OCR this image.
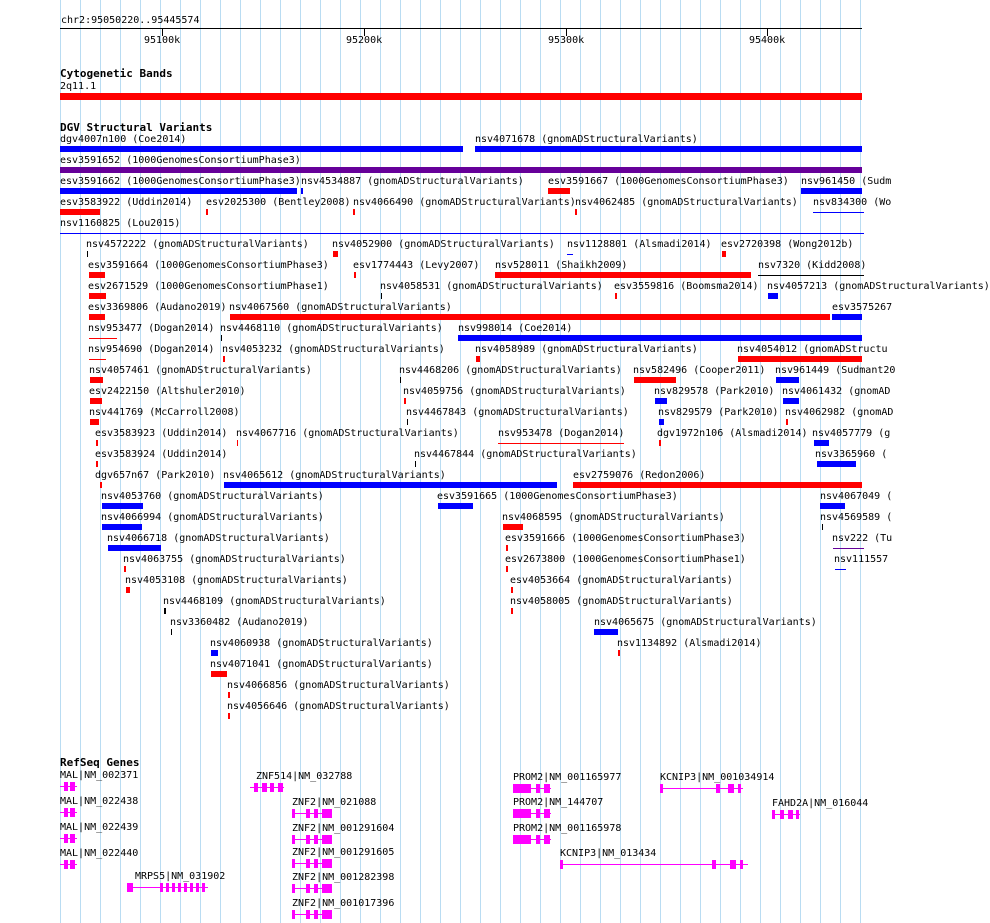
chr2:95050220..95445574
95100k	95200k	95300k	95400k
Cytogenetic Bands
2q11.1
DGV Structural Variants
dgv4007n100 (Coe2014)	nsv4071678 (gnomADStructuralVariants)
esv3591652 (1000GenomesConsortiumPhase3)
esv3591662 (1000GenomesConsortiumPhase3) nsv4534887 (gnomADStructuralVariants) esv3591667 (1000GenomesConsortiumPhase3) nsv961450 (Sudm
esv3583922 (Uddin2014) esv2025300 (Bentley2008) nsv4066490 (gnomADStructuralVariants) nsv4062485 (gnomADStructuralVariants) nsv834300 (Wo
nsv1160825 (Lou2015)
nsv4572222 (gnomADStructuralVariants) nsv4052900 (gnomADStructuralVariants) nsv1128801 (Alsmadi2014) esv2720398 (Wong2012b)
esv3591664 (1000GenomesConsortiumPhase3) esv1774443 (Levy2007) nsv528011 (Shaikh2009)	nsv7320 (Kidd2008)
esv2671529 (1000GenomesConsortiumPhase1)	nsv4058531 (gnomADStructuralVariants) esv3559816 (Boomsma2014) nsv4057213 (gnomADStructuralVariants)
esv3369806 (Audano2019) nsv4067560 (gnomADStructuralVariants)	esv3575267
nsv953477 (Dogan2014) nsv4468110 (gnomADStructuralVariants) nsv998014 (Coe2014)
nsv954690 (Dogan2014) nsv4053232 (gnomADStructuralVariants)	nsv4058989 (gnomADStructuralVariants)	nsv4054012 (gnomADStructu
nsv4057461 (gnomADStructuralVariants)	nsv4468206 (gnomADStructuralVariants) nsv582496 (Cooper2011) nsv961449 (Sudmant20
esv2422150 (Altshuler2010)	nsv4059756 (gnomADStructuralVariants)	nsv829578 (Park2010) nsv4061432 (gnomAD
nsv441769 (McCarroll2008)	nsv4467843 (gnomADStructuralVariants)	nsv829579 (Park2010) nsv4062982 (gnomAD
esv3583923 (Uddin2014) nsv4067716 (gnomADStructuralVariants)	nsv953478 (Dogan2014)	dgv1972n106 (Alsmadi2014) nsv4057779 (g
esv3583924 (Uddin2014)	nsv4467844 (gnomADStructuralVariants)	nsv3365960 (
dgv657n67 (Park2010) nsv4065612 (gnomADStructuralVariants)	esv2759076 (Redon2006)
nsv4053760 (gnomADStructuralVariants)	esv3591665 (1000GenomesConsortiumPhase3)	nsv4067049 (
nsv4066994 (gnomADStructuralVariants)	nsv4068595 (gnomADStructuralVariants)	nsv4569589 (
nsv4066718 (gnomADStructuralVariants)	esv3591666 (1000GenomesConsortiumPhase3)	nsv222 (Tu
nsv4063755 (gnomADStructuralVariants)	esv2673800 (1000GenomesConsortiumPhase1)	nsv111557
nsv4053108 (gnomADStructuralVariants)	esv4053664 (gnomADStructuralVariants)
nsv4468109 (gnomADStructuralVariants)	nsv4058005 (gnomADStructuralVariants)
nsv3360482 (Audano2019)	nsv4065675 (gnomADStructuralVariants)
nsv4060938 (gnomADStructuralVariants)	nsv1134892 (Alsmadi2014)
nsv4071041 (gnomADStructuralVariants)
nsv4066856 (gnomADStructuralVariants)
nsv4056646 (gnomADStructuralVariants)
RefSeq Genes
MAL|NM_002371
MAL|NM_022438
MAL|NM_022439
MAL|NM_022440
MRPS5|NM_031902
ZNF514|NM_032788
ZNF2|NM_021088
ZNF2|NM_001291604
ZNF2|NM_001291605
ZNF2|NM_001282398
ZNF2|NM_001017396
PROM2|NM_001165977
PROM2|NM_144707
PROM2|NM_001165978
KCNIP3|NM_001034914
KCNIP3|NM_013434
FAHD2A|NM_016044
